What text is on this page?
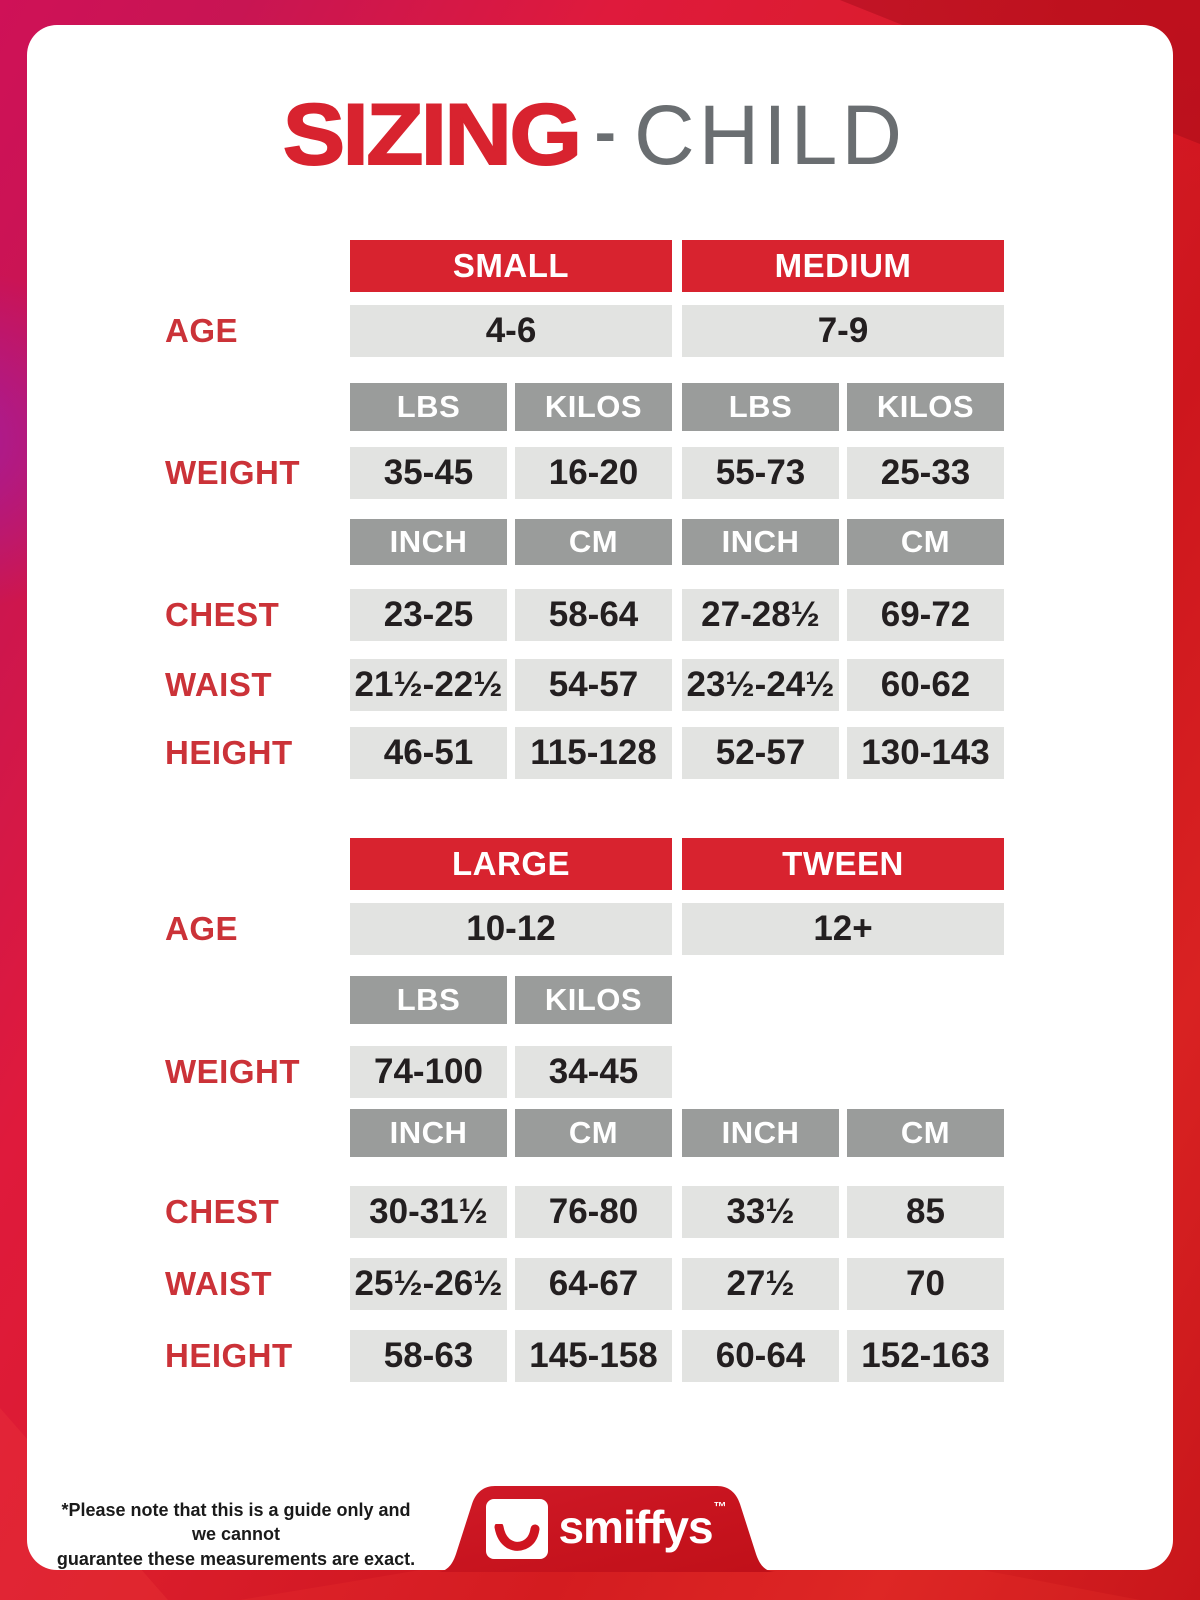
SIZING - CHILD
SMALL	MEDIUM
AGE	4-6	7-9
LBS	KILOS	LBS	KILOS
WEIGHT	35-45	16-20	55-73	25-33
INCH	CM	INCH	CM
CHEST	23-25	58-64	27-28½	69-72
WAIST 21½-22½	54-57	23½-24½	60-62
HEIGHT	46-51	115-128	52-57	130-143
LARGE	TWEEN
AGE	10-12	12+
LBS	KILOS
WEIGHT	74-100	34-45
INCH	CM	INCH	CM
CHEST	30-31½	76-80	33½	85
WAIST 25½-26½	64-67	27½	70
HEIGHT	58-63	145-158	60-64	152-163
*Please note that this is a guide only and we cannot
guarantee these measurements are exact.
smiffys™
